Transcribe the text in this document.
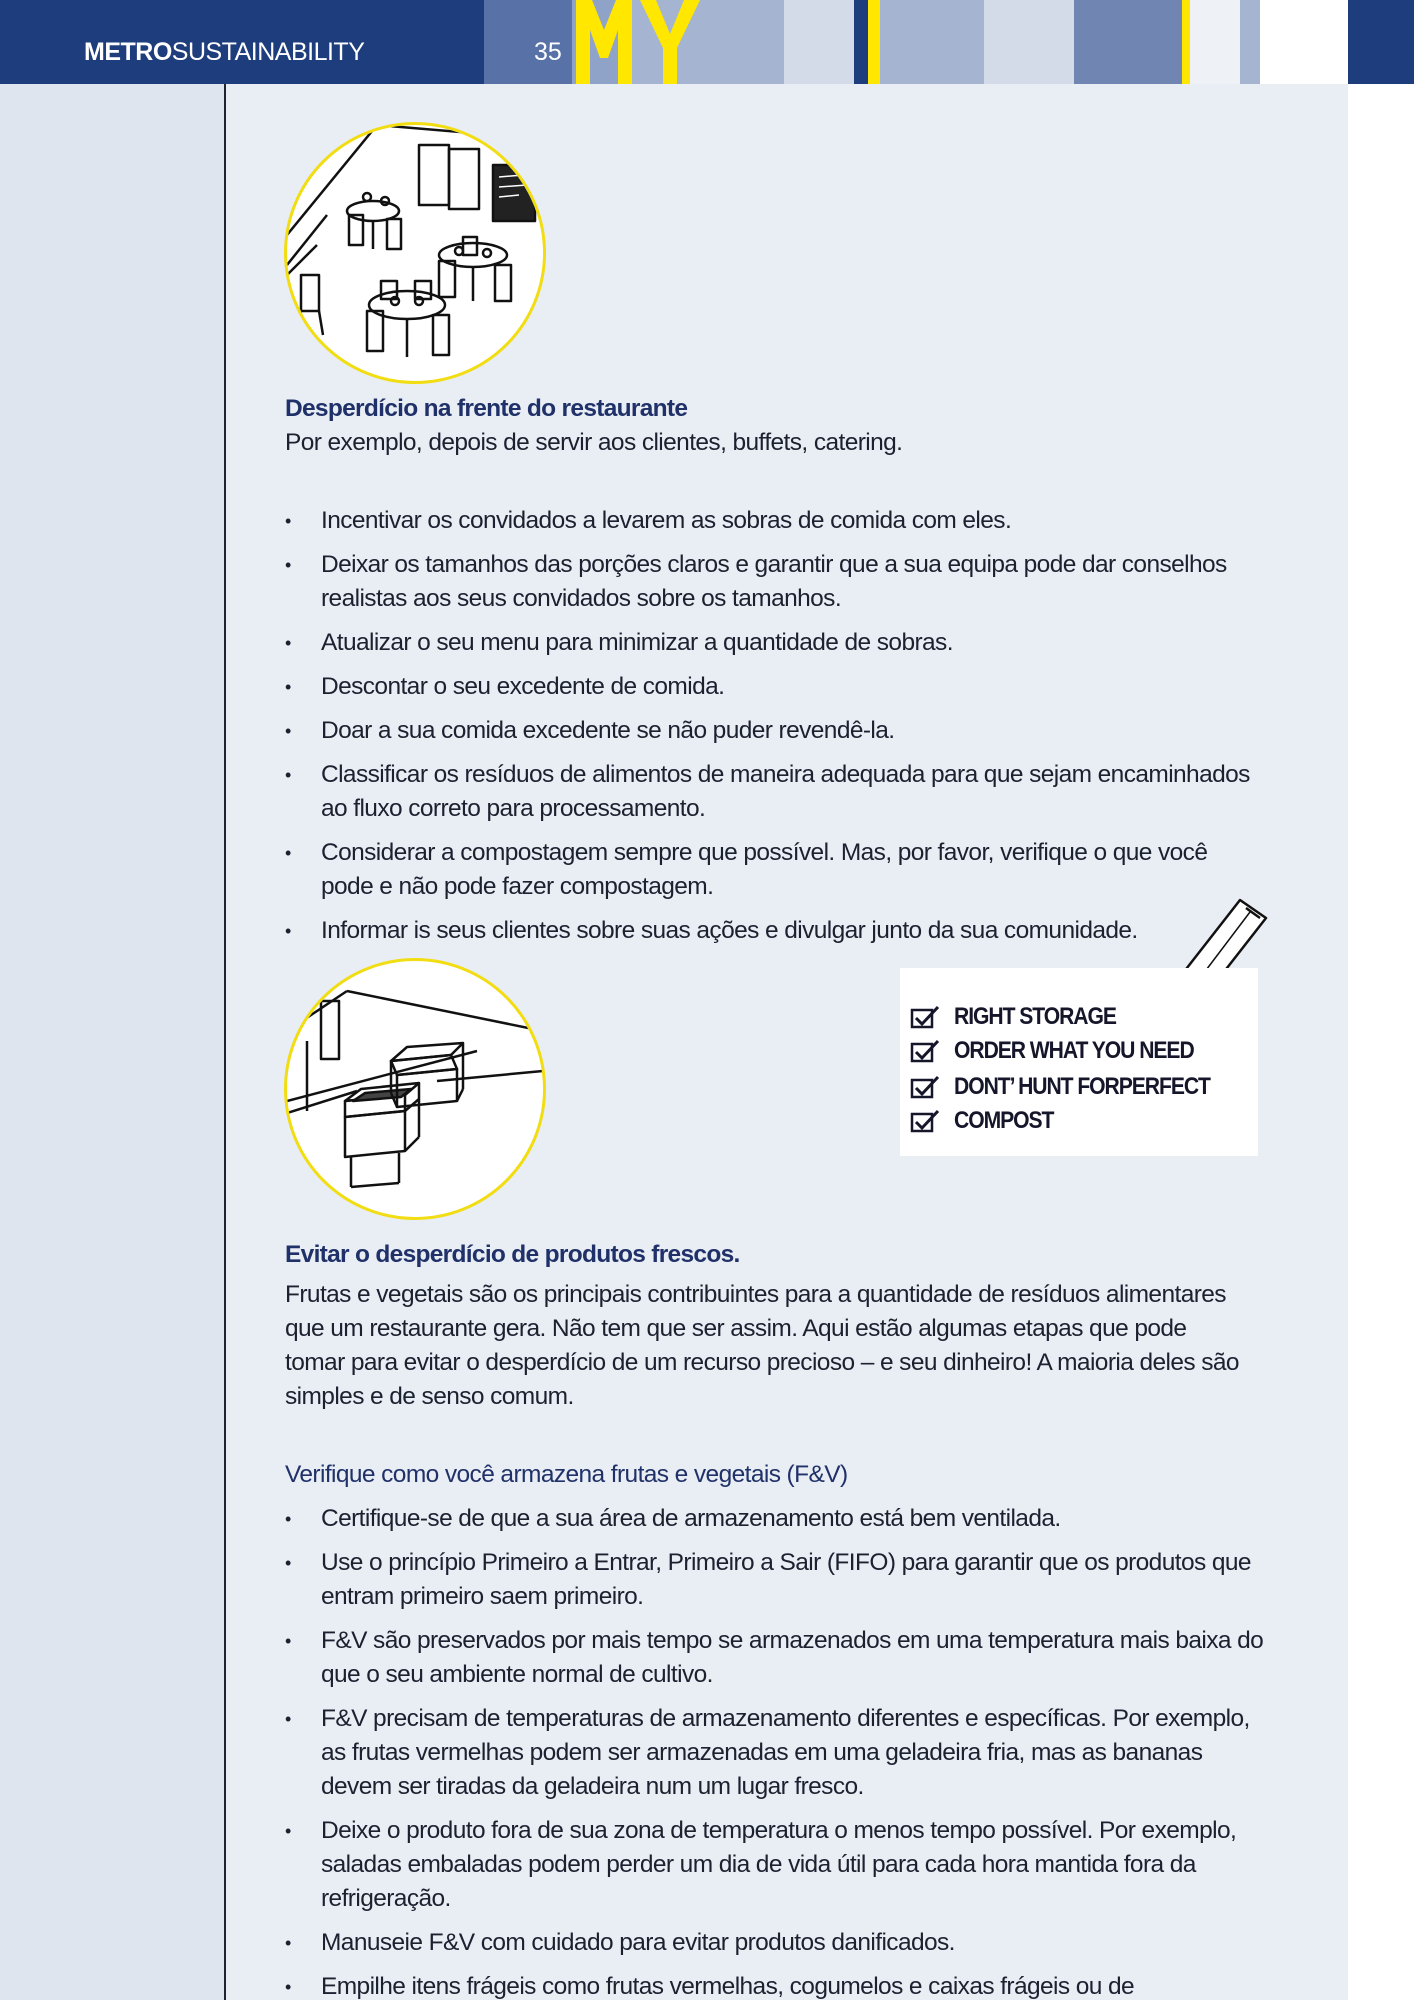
METROSUSTAINABILITY	35
Desperdício na frente do restaurante
Por exemplo, depois de servir aos clientes, buffets, catering.
• Incentivar os convidados a levarem as sobras de comida com eles.
• Deixar os tamanhos das porções claros e garantir que a sua equipa pode dar conselhos realistas aos seus convidados sobre os tamanhos.
• Atualizar o seu menu para minimizar a quantidade de sobras.
• Descontar o seu excedente de comida.
• Doar a sua comida excedente se não puder revendê-la.
• Classificar os resíduos de alimentos de maneira adequada para que sejam encaminhados ao fluxo correto para processamento.
• Considerar a compostagem sempre que possível. Mas, por favor, verifique o que você pode e não pode fazer compostagem.
• Informar is seus clientes sobre suas ações e divulgar junto da sua comunidade.
RIGHT STORAGE
ORDER WHAT YOU NEED
DONT’ HUNT FORPERFECT
COMPOST
Evitar o desperdício de produtos frescos.
Frutas e vegetais são os principais contribuintes para a quantidade de resíduos alimentares que um restaurante gera. Não tem que ser assim. Aqui estão algumas etapas que pode tomar para evitar o desperdício de um recurso precioso – e seu dinheiro! A maioria deles são simples e de senso comum.
Verifique como você armazena frutas e vegetais (F&V)
• Certifique-se de que a sua área de armazenamento está bem ventilada.
• Use o princípio Primeiro a Entrar, Primeiro a Sair (FIFO) para garantir que os produtos que entram primeiro saem primeiro.
• F&V são preservados por mais tempo se armazenados em uma temperatura mais baixa do que o seu ambiente normal de cultivo.
• F&V precisam de temperaturas de armazenamento diferentes e específicas. Por exemplo, as frutas vermelhas podem ser armazenadas em uma geladeira fria, mas as bananas devem ser tiradas da geladeira num um lugar fresco.
• Deixe o produto fora de sua zona de temperatura o menos tempo possível. Por exemplo, saladas embaladas podem perder um dia de vida útil para cada hora mantida fora da refrigeração.
• Manuseie F&V com cuidado para evitar produtos danificados.
• Empilhe itens frágeis como frutas vermelhas, cogumelos e caixas frágeis ou de
